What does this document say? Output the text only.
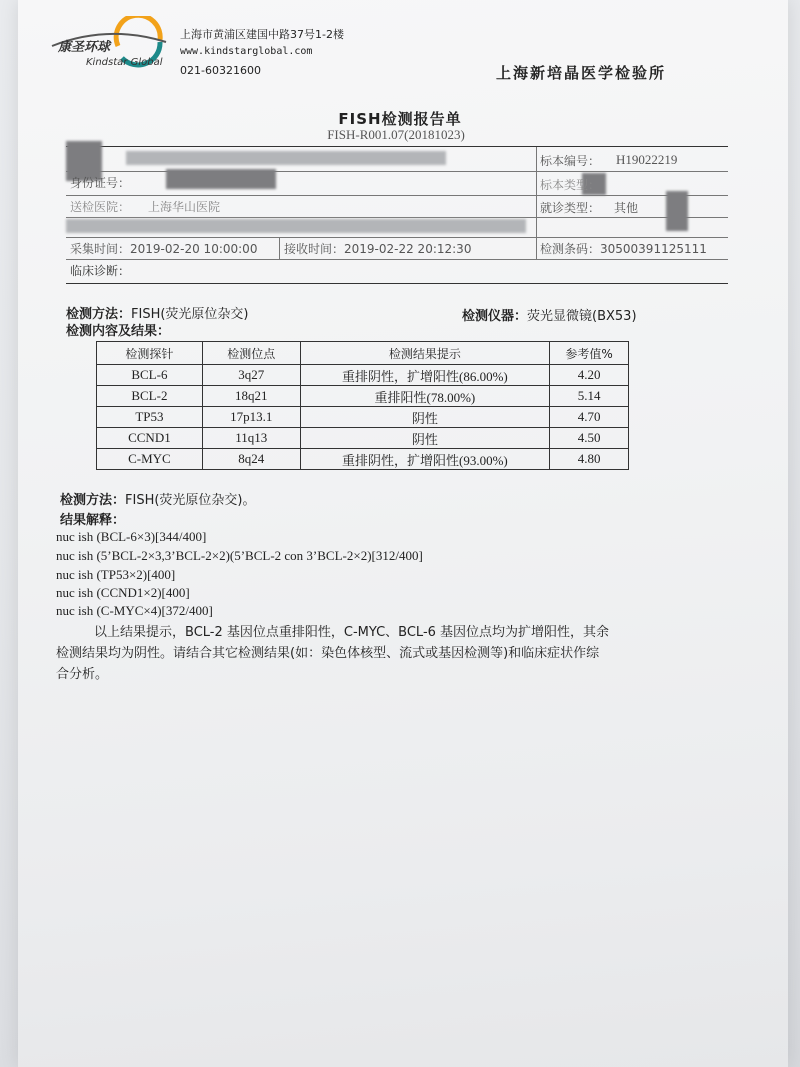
康圣环球
Kindstar Global
上海市黄浦区建国中路37号1-2楼
www.kindstarglobal.com
021-60321600	上海新培晶医学检验所
FISH检测报告单
FISH-R001.07(20181023)
身份证号：
送检医院： 上海华山医院
标本编号： H19022219
标本类型：
就诊类型： 其他
采集时间：2019-02-20 10:00:00 接收时间：2019-02-22 20:12:30	检测条码：30500391125111
临床诊断：
检测方法：FISH(荧光原位杂交)	检测仪器：荧光显微镜(BX53)
检测内容及结果：
检测探针	检测位点	检测结果提示	参考值%
BCL-6	3q27	重排阴性，扩增阳性(86.00%)	4.20
BCL-2	18q21	重排阳性(78.00%)	5.14
TP53	17p13.1	阴性	4.70
CCND1	11q13	阴性	4.50
C-MYC	8q24	重排阴性，扩增阳性(93.00%)	4.80
检测方法：FISH(荧光原位杂交)。
结果解释：
nuc ish (BCL-6×3)[344/400]
nuc ish (5’BCL-2×3,3’BCL-2×2)(5’BCL-2 con 3’BCL-2×2)[312/400]
nuc ish (TP53×2)[400]
nuc ish (CCND1×2)[400]
nuc ish (C-MYC×4)[372/400]
以上结果提示，BCL-2 基因位点重排阳性，C-MYC、BCL-6 基因位点均为扩增阳性，其余
检测结果均为阴性。请结合其它检测结果(如：染色体核型、流式或基因检测等)和临床症状作综
合分析。
